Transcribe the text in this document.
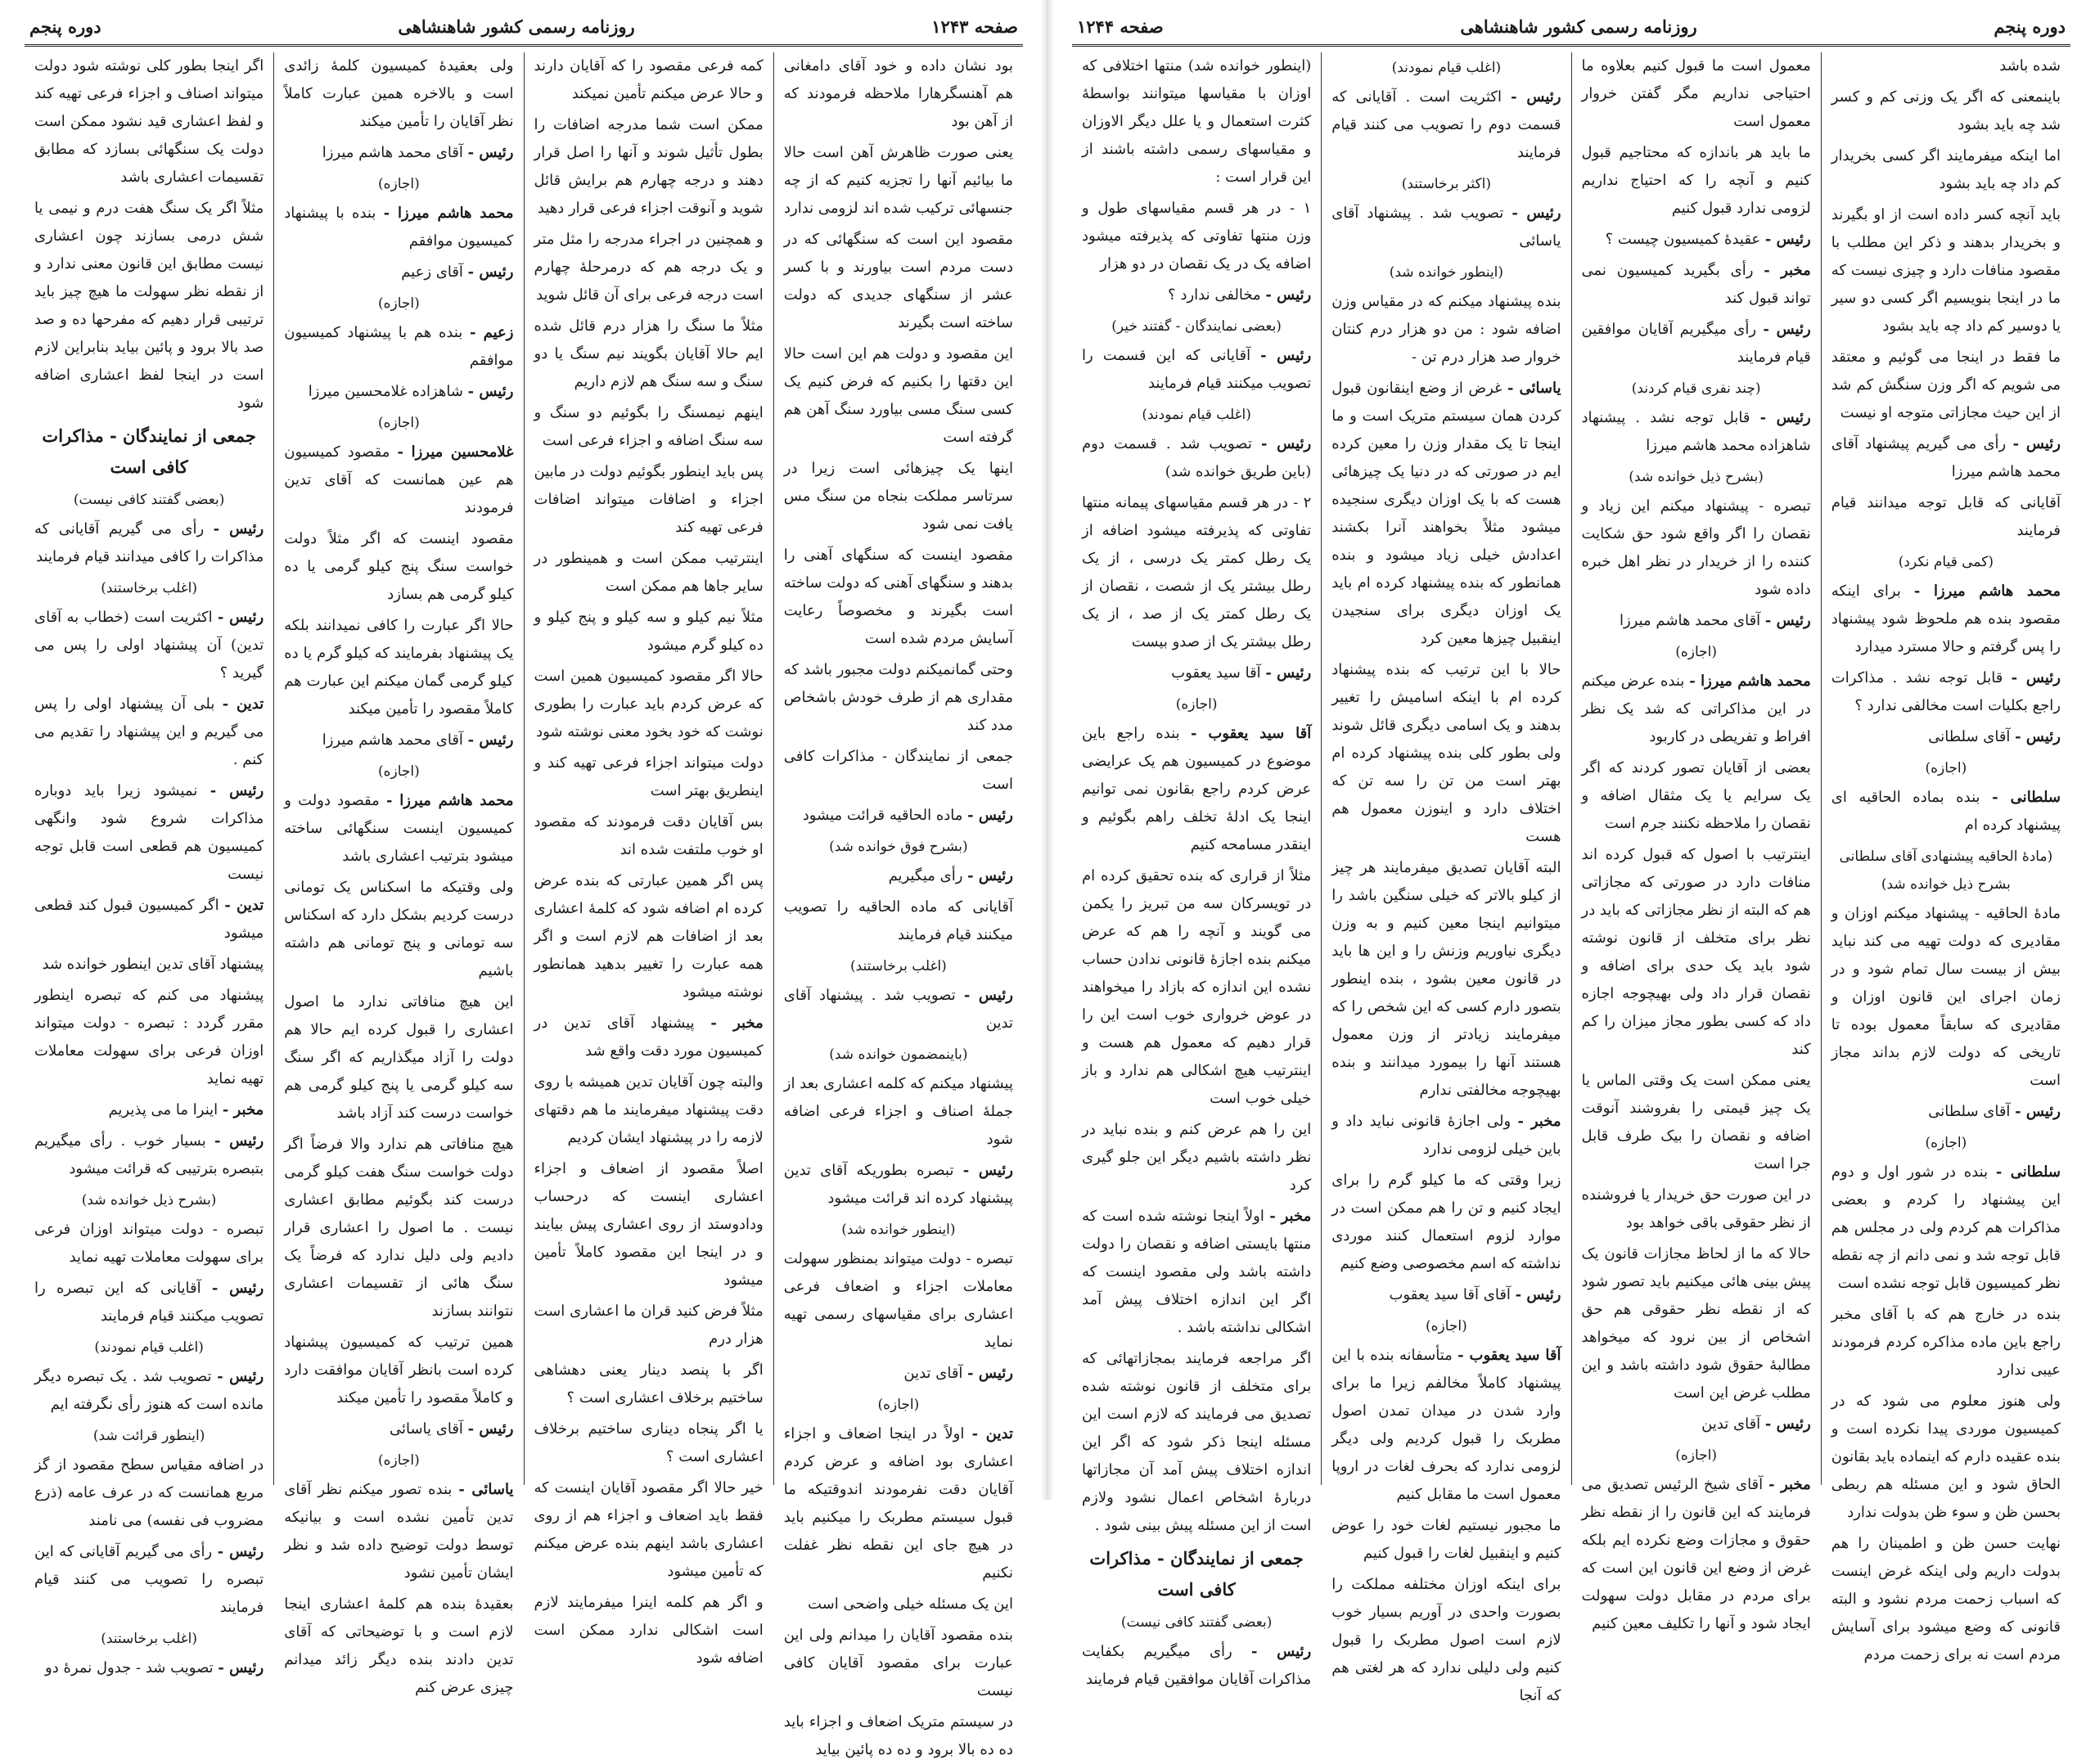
صفحه ۱۲۴۳
روزنامه رسمی کشور شاهنشاهی
دوره پنجم
بود نشان داده و خود آقای دامغانی هم آهنسگرهارا ملاحظه فرمودند که از آهن بود
یعنی صورت ظاهرش آهن است حالا ما بیائیم آنها را تجزیه کنیم که از چه جنسهائی ترکیب شده اند لزومی ندارد
مقصود این است که سنگهائی که در دست مردم است بیاورند و با کسر عشر از سنگهای جدیدی که دولت ساخته است بگیرند
این مقصود و دولت هم این است حالا این دقتها را بکنیم که فرض کنیم یک کسی سنگ مسی بیاورد سنگ آهن هم گرفته است
اینها یک چیزهائی است زیرا در سرتاسر مملکت بنجاه من سنگ مس یافت نمی شود
مقصود اینست که سنگهای آهنی را بدهند و سنگهای آهنی که دولت ساخته است بگیرند و مخصوصاً رعایت آسایش مردم شده است
وحتی گمانمیکنم دولت مجبور باشد که مقداری هم از طرف خودش باشخاص مدد کند
جمعی از نمایندگان - مذاکرات کافی است
رئیس - ماده الحاقیه قرائت میشود
(بشرح فوق خوانده شد)
رئیس - رأی میگیریم
آقایانی که ماده الحاقیه را تصویب میکنند قیام فرمایند
(اغلب برخاستند)
رئیس - تصویب شد . پیشنهاد آقای تدین
(باینمضمون خوانده شد)
پیشنهاد میکنم که کلمه اعشاری بعد از جملهٔ اصناف و اجزاء فرعی اضافه شود
رئیس - تبصره بطوریکه آقای تدین پیشنهاد کرده اند قرائت میشود
(اینطور خوانده شد)
تبصره - دولت میتواند بمنظور سهولت معاملات اجزاء و اضعاف فرعی اعشاری برای مقیاسهای رسمی تهیه نماید
رئیس - آقای تدین
(اجازه)
تدین - اولاً در اینجا اضعاف و اجزاء اعشاری بود اضافه و عرض کردم آقایان دقت نفرمودند اندوقتیکه ما قبول سیستم مطربک را میکنیم باید در هیچ جای این نقطه نظر غفلت نکنیم
این یک مسئله خیلی واضحی است
بنده مقصود آقایان را میدانم ولی این عبارت برای مقصود آقایان کافی نیست
در سیستم متریک اضعاف و اجزاء باید ده ده بالا برود و ده ده پائین بیاید
کمه فرعی مقصود را که آقایان دارند و حالا عرض میکنم تأمین نمیکند
ممکن است شما مدرجه اضافات را بطول تأثیل شوند و آنها را اصل قرار دهند و درجه چهارم هم برایش قائل شوید و آنوقت اجزاء فرعی قرار دهید
و همچنین در اجراء مدرجه را مثل متر و یک درجه هم که درمرحلهٔ چهارم است درجه فرعی برای آن قائل شوید
مثلاً ما سنگ را هزار درم قائل شده ایم حالا آقایان بگویند نیم سنگ یا دو سنگ و سه سنگ هم لازم داریم
اینهم نیمسنگ را بگوئیم دو سنگ و سه سنگ اضافه و اجزاء فرعی است
پس باید اینطور بگوئیم دولت در مابین اجزاء و اضافات میتواند اضافات فرعی تهیه کند
اینترتیب ممکن است و همینطور در سایر جاها هم ممکن است
مثلاً نیم کیلو و سه کیلو و پنج کیلو و ده کیلو گرم میشود
حالا اگر مقصود کمیسیون همین است که عرض کردم باید عبارت را بطوری نوشت که خود بخود معنی نوشته شود
دولت میتواند اجزاء فرعی تهیه کند و اینطریق بهتر است
بس آقایان دقت فرمودند که مقصود او خوب ملتفت شده اند
پس اگر همین عبارتی که بنده عرض کرده ام اضافه شود که کلمهٔ اعشاری بعد از اضافات هم لازم است و اگر همه عبارت را تغییر بدهید همانطور نوشته میشود
مخبر - پیشنهاد آقای تدین در کمیسیون مورد دقت واقع شد
والبته چون آقایان تدین همیشه با روی دقت پیشنهاد میفرمایند ما هم دقتهای لازمه را در پیشنهاد ایشان کردیم
اصلاً مقصود از اضعاف و اجزاء اعشاری اینست که درحساب ودادوستد از روی اعشاری پیش بیایند و در اینجا این مقصود کاملاً تأمین میشود
مثلاً فرض کنید قران ما اعشاری است هزار درم
اگر با پنصد دینار یعنی دهشاهی ساختیم برخلاف اعشاری است ؟
یا اگر پنجاه دیناری ساختیم برخلاف اعشاری است ؟
خیر حالا اگر مقصود آقایان اینست که فقط باید اضعاف و اجزاء هم از روی اعشاری باشد اینهم بنده عرض میکنم که تأمین میشود
و اگر هم کلمه اینرا میفرمایند لازم است اشکالی ندارد ممکن است اضافه شود
ولی بعقیدهٔ کمیسیون کلمهٔ زائدی است و بالاخره همین عبارت کاملاً نظر آقایان را تأمین میکند
رئیس - آقای محمد هاشم میرزا
(اجازه)
محمد هاشم میرزا - بنده با پیشنهاد کمیسیون موافقم
رئیس - آقای زعیم
(اجازه)
زعیم - بنده هم با پیشنهاد کمیسیون موافقم
رئیس - شاهزاده غلامحسین میرزا
(اجازه)
غلامحسین میرزا - مقصود کمیسیون هم عین همانست که آقای تدین فرمودند
مقصود اینست که اگر مثلاً دولت خواست سنگ پنج کیلو گرمی یا ده کیلو گرمی هم بسازد
حالا اگر عبارت را کافی نمیدانند بلکه یک پیشنهاد بفرمایند که کیلو گرم یا ده کیلو گرمی گمان میکنم این عبارت هم کاملاً مقصود را تأمین میکند
رئیس - آقای محمد هاشم میرزا
(اجازه)
محمد هاشم میرزا - مقصود دولت و کمیسیون اینست سنگهائی ساخته میشود بترتیب اعشاری باشد
ولی وقتیکه ما اسکناس یک تومانی درست کردیم بشکل دارد که اسکناس سه تومانی و پنج تومانی هم داشته باشیم
این هیچ منافاتی ندارد ما اصول اعشاری را قبول کرده ایم حالا هم دولت را آزاد میگذاریم که اگر سنگ سه کیلو گرمی یا پنج کیلو گرمی هم خواست درست کند آزاد باشد
هیچ منافاتی هم ندارد والا فرضاً اگر دولت خواست سنگ هفت کیلو گرمی درست کند بگوئیم مطابق اعشاری نیست . ما اصول را اعشاری قرار دادیم ولی دلیل ندارد که فرضاً یک سنگ هائی از تقسیمات اعشاری نتوانند بسازند
همین ترتیب که کمیسیون پیشنهاد کرده است بانظر آقایان موافقت دارد و کاملاً مقصود را تأمین میکند
رئیس - آقای یاسائی
(اجازه)
یاسائی - بنده تصور میکنم نظر آقای تدین تأمین نشده است و بیانیکه توسط دولت توضیح داده شد و نظر ایشان تأمین نشود
بعقیدهٔ بنده هم کلمهٔ اعشاری اینجا لازم است و با توضیحاتی که آقای تدین دادند بنده دیگر زائد میدانم چیزی عرض کنم
اگر اینجا بطور کلی نوشته شود دولت میتواند اصناف و اجزاء فرعی تهیه کند و لفظ اعشاری قید نشود ممکن است دولت یک سنگهائی بسازد که مطابق تقسیمات اعشاری باشد
مثلاً اگر یک سنگ هفت درم و نیمی یا شش درمی بسازند چون اعشاری نیست مطابق این قانون معنی ندارد و از نقطه نظر سهولت ما هیچ چیز باید ترتیبی قرار دهیم که مفرحها ده و صد صد بالا برود و پائین بیاید بنابراین لازم است در اینجا لفظ اعشاری اضافه شود
جمعی از نمایندگان - مذاکرات کافی است
(بعضی گفتند کافی نیست)
رئیس - رأی می گیریم آقایانی که مذاکرات را کافی میدانند قیام فرمایند
(اغلب برخاستند)
رئیس - اکثریت است (خطاب به آقای تدین) آن پیشنهاد اولی را پس می گیرید ؟
تدین - بلی آن پیشنهاد اولی را پس می گیریم و این پیشنهاد را تقدیم می کنم .
رئیس - نمیشود زیرا باید دوباره مذاکرات شروع شود وانگهی کمیسیون هم قطعی است قابل توجه نیست
تدین - اگر کمیسیون قبول کند قطعی میشود
پیشنهاد آقای تدین اینطور خوانده شد
پیشنهاد می کنم که تبصره اینطور مقرر گردد : تبصره - دولت میتواند اوزان فرعی برای سهولت معاملات تهیه نماید
مخبر - اینرا ما می پذیریم
رئیس - بسیار خوب . رأی میگیریم بتبصره بترتیبی که قرائت میشود
(بشرح ذیل خوانده شد)
تبصره - دولت میتواند اوزان فرعی برای سهولت معاملات تهیه نماید
رئیس - آقایانی که این تبصره را تصویب میکنند قیام فرمایند
(اغلب قیام نمودند)
رئیس - تصویب شد . یک تبصره دیگر مانده است که هنوز رأی نگرفته ایم
(اینطور قرائت شد)
در اضافه مقیاس سطح مقصود از گز مربع همانست که در عرف عامه (ذرع مضروب فی نفسه) می نامند
رئیس - رأی می گیریم آقایانی که این تبصره را تصویب می کنند قیام فرمایند
(اغلب برخاستند)
رئیس - تصویب شد - جدول نمرهٔ دو
دوره پنجم
روزنامه رسمی کشور شاهنشاهی
صفحه ۱۲۴۴
شده باشد
باینمعنی که اگر یک وزنی کم و کسر شد چه باید بشود
اما اینکه میفرمایند اگر کسی بخریدار کم داد چه باید بشود
باید آنچه کسر داده است از او بگیرند و بخریدار بدهند و ذکر این مطلب با مقصود منافات دارد و چیزی نیست که ما در اینجا بنویسیم اگر کسی دو سیر یا دوسیر کم داد چه باید بشود
ما فقط در اینجا می گوئیم و معتقد می شویم که اگر وزن سنگش کم شد از این حیث مجازاتی متوجه او نیست
رئیس - رأی می گیریم پیشنهاد آقای محمد هاشم میرزا
آقایانی که قابل توجه میدانند قیام فرمایند
(کمی قیام نکرد)
محمد هاشم میرزا - برای اینکه مقصود بنده هم ملحوظ شود پیشنهاد را پس گرفتم و حالا مسترد میدارد
رئیس - قابل توجه نشد . مذاکرات راجع بکلیات است مخالفی ندارد ؟
رئیس - آقای سلطانی
(اجازه)
سلطانی - بنده بماده الحاقیه ای پیشنهاد کرده ام
(مادهٔ الحاقیه پیشنهادی آقای سلطانی بشرح ذیل خوانده شد)
مادهٔ الحاقیه - پیشنهاد میکنم اوزان و مقادیری که دولت تهیه می کند نباید بیش از بیست سال تمام شود و در زمان اجرای این قانون اوزان و مقادیری که سابقاً معمول بوده تا تاریخی که دولت لازم بداند مجاز است
رئیس - آقای سلطانی
(اجازه)
سلطانی - بنده در شور اول و دوم این پیشنهاد را کردم و بعضی مذاکرات هم کردم ولی در مجلس هم قابل توجه شد و نمی دانم از چه نقطه نظر کمیسیون قابل توجه نشده است
بنده در خارج هم که با آقای مخبر راجع باین ماده مذاکره کردم فرمودند عیبی ندارد
ولی هنوز معلوم می شود که در کمیسیون موردی پیدا نکرده است و بنده عقیده دارم که اینماده باید بقانون الحاق شود و این مسئله هم ربطی بحسن ظن و سوء ظن بدولت ندارد
نهایت حسن ظن و اطمینان را هم بدولت داریم ولی اینکه غرض اینست که اسباب زحمت مردم نشود و البته قانونی که وضع میشود برای آسایش مردم است نه برای زحمت مردم
معمول است ما قبول کنیم بعلاوه ما احتیاجی نداریم مگر گفتن خروار معمول است
ما باید هر باندازه که محتاجیم قبول کنیم و آنچه را که احتیاج نداریم لزومی ندارد قبول کنیم
رئیس - عقیدهٔ کمیسیون چیست ؟
مخبر - رأی بگیرید کمیسیون نمی تواند قبول کند
رئیس - رأی میگیریم آقایان موافقین قیام فرمایند
(چند نفری قیام کردند)
رئیس - قابل توجه نشد . پیشنهاد شاهزاده محمد هاشم میرزا
(بشرح ذیل خوانده شد)
تبصره - پیشنهاد میکنم این زیاد و نقصان را اگر واقع شود حق شکایت کننده را از خریدار در نظر اهل خبره داده شود
رئیس - آقای محمد هاشم میرزا
(اجازه)
محمد هاشم میرزا - بنده عرض میکنم در این مذاکراتی که شد یک نظر افراط و تفریطی در کاربود
بعضی از آقایان تصور کردند که اگر یک سرایم یا یک مثقال اضافه و نقصان را ملاحظه نکنند جرم است
اینترتیب با اصول که قبول کرده اند منافات دارد در صورتی که مجازاتی هم که البته از نظر مجازاتی که باید در نظر برای متخلف از قانون نوشته شود باید یک حدی برای اضافه و نقصان قرار داد ولی بهیچوجه اجازه داد که کسی بطور مجاز میزان را کم کند
یعنی ممکن است یک وقتی الماس یا یک چیز قیمتی را بفروشند آنوقت اضافه و نقصان را بیک طرف قابل جرا است
در این صورت حق خریدار یا فروشنده از نظر حقوقی باقی خواهد بود
حالا که ما از لحاظ مجازات قانون یک پیش بینی هائی میکنیم باید تصور شود که از نقطه نظر حقوقی هم حق اشخاص از بین نرود که میخواهد مطالبهٔ حقوق شود داشته باشد و این مطلب غرض این است
رئیس - آقای تدین
(اجازه)
مخبر - آقای شیخ الرئیس تصدیق می فرمایند که این قانون را از نقطه نظر حقوق و مجازات وضع نکرده ایم بلکه غرض از وضع این قانون این است که برای مردم در مقابل دولت سهولت ایجاد شود و آنها را تکلیف معین کنیم
(اغلب قیام نمودند)
رئیس - اکثریت است . آقایانی که قسمت دوم را تصویب می کنند قیام فرمایند
(اکثر برخاستند)
رئیس - تصویب شد . پیشنهاد آقای یاسائی
(اینطور خوانده شد)
بنده پیشنهاد میکنم که در مقیاس وزن اضافه شود : من دو هزار درم کنتان خروار صد هزار درم تن -
یاسائی - غرض از وضع اینقانون قبول کردن همان سیستم متریک است و ما اینجا تا یک مقدار وزن را معین کرده ایم در صورتی که در دنیا یک چیزهائی هست که با یک اوزان دیگری سنجیده میشود مثلاً بخواهند آنرا بکشند اعدادش خیلی زیاد میشود و بنده همانطور که بنده پیشنهاد کرده ام باید یک اوزان دیگری برای سنجیدن اینقبیل چیزها معین کرد
حالا با این ترتیب که بنده پیشنهاد کرده ام با اینکه اسامیش را تغییر بدهند و یک اسامی دیگری قائل شوند ولی بطور کلی بنده پیشنهاد کرده ام بهتر است من تن را سه تن که اختلاف دارد و اینوزن معمول هم هست
البته آقایان تصدیق میفرمایند هر چیز از کیلو بالاتر که خیلی سنگین باشد را میتوانیم اینجا معین کنیم و به وزن دیگری نیاوریم وزنش را و این ها باید در قانون معین بشود ، بنده اینطور بتصور دارم کسی که این شخص را که میفرمایند زیادتر از وزن معمول هستند آنها را بیمورد میدانند و بنده بهیچوجه مخالفتی ندارم
مخبر - ولی اجازهٔ قانونی نباید داد و باین خیلی لزومی ندارد
زیرا وقتی که ما کیلو گرم را برای ایجاد کنیم و تن را هم ممکن است در موارد لزوم استعمال کنند موردی نداشته که اسم مخصوصی وضع کنیم
رئیس - آقای آقا سید یعقوب
(اجازه)
آقا سید یعقوب - متأسفانه بنده با این پیشنهاد کاملاً مخالفم زیرا ما برای وارد شدن در میدان تمدن اصول مطربک را قبول کردیم ولی دیگر لزومی ندارد که بحرف لغات در اروپا معمول است ما مقابل کنیم
ما مجبور نیستیم لغات خود را عوض کنیم و اینقبیل لغات را قبول کنیم
برای اینکه اوزان مختلفه مملکت را بصورت واحدی در آوریم بسیار خوب لازم است اصول مطربک را قبول کنیم ولی دلیلی ندارد که هر لغتی هم که آنجا
(اینطور خوانده شد) منتها اختلافی که اوزان با مقیاسها میتوانند بواسطهٔ کثرت استعمال و یا علل دیگر الاوزان و مقیاسهای رسمی داشته باشند از این قرار است :
۱ - در هر قسم مقیاسهای طول و وزن منتها تفاوتی که پذیرفته میشود اضافه یک در یک نقصان در دو هزار
رئیس - مخالفی ندارد ؟
(بعضی نمایندگان - گفتند خیر)
رئیس - آقایانی که این قسمت را تصویب میکنند قیام فرمایند
(اغلب قیام نمودند)
رئیس - تصویب شد . قسمت دوم (باین طریق خوانده شد)
۲ - در هر قسم مقیاسهای پیمانه منتها تفاوتی که پذیرفته میشود اضافه از یک رطل کمتر یک درسی ، از یک رطل بیشتر یک از شصت ، نقصان از یک رطل کمتر یک از صد ، از یک رطل بیشتر یک از صدو بیست
رئیس - آقا سید یعقوب
(اجازه)
آقا سید یعقوب - بنده راجع باین موضوع در کمیسیون هم یک عرایضی عرض کردم راجع بقانون نمی توانیم اینجا یک ادلهٔ تخلف راهم بگوئیم و اینقدر مسامحه کنیم
مثلاً از قراری که بنده تحقیق کرده ام در تویسرکان سه من تبریز را یکمن می گویند و آنچه را هم که عرض میکنم بنده اجازهٔ قانونی ندادن حساب نشده این اندازه که بازاد را میخواهند در عوض خرواری خوب است این را قرار دهیم که معمول هم هست و اینترتیب هیچ اشکالی هم ندارد و باز خیلی خوب است
این را هم عرض کنم و بنده نباید در نظر داشته باشیم دیگر این جلو گیری کرد
مخبر - اولاً اینجا نوشته شده است که منتها بایستی اضافه و نقصان را دولت داشته باشد ولی مقصود اینست که اگر این اندازه اختلاف پیش آمد اشکالی نداشته باشد .
اگر مراجعه فرمایند بمجازاتهائی که برای متخلف از قانون نوشته شده تصدیق می فرمایند که لازم است این مسئله اینجا ذکر شود که اگر این اندازه اختلاف پیش آمد آن مجازاتها دربارهٔ اشخاص اعمال نشود ولازم است از این مسئله پیش بینی شود .
جمعی از نمایندگان - مذاکرات کافی است
(بعضی گفتند کافی نیست)
رئیس - رأی میگیریم بکفایت مذاکرات آقایان موافقین قیام فرمایند
